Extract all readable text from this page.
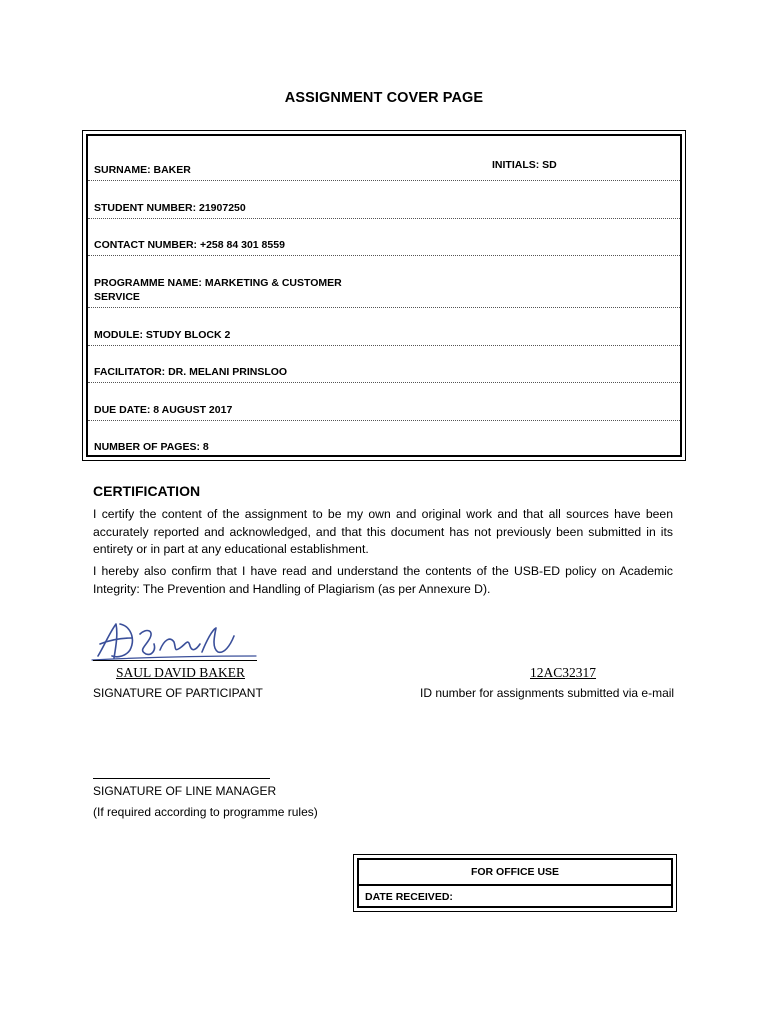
ASSIGNMENT COVER PAGE
SURNAME: BAKER	INITIALS: SD
STUDENT NUMBER: 21907250
CONTACT NUMBER: +258 84 301 8559
PROGRAMME NAME: MARKETING & CUSTOMER
SERVICE
MODULE: STUDY BLOCK 2
FACILITATOR: DR. MELANI PRINSLOO
DUE DATE: 8 AUGUST 2017
NUMBER OF PAGES: 8
CERTIFICATION
I certify the content of the assignment to be my own and original work and that all sources have been accurately reported and acknowledged, and that this document has not previously been submitted in its entirety or in part at any educational establishment.
I hereby also confirm that I have read and understand the contents of the USB-ED policy on Academic Integrity: The Prevention and Handling of Plagiarism (as per Annexure D).
SAUL DAVID BAKER	12AC32317
SIGNATURE OF PARTICIPANT	ID number for assignments submitted via e-mail
SIGNATURE OF LINE MANAGER
(If required according to programme rules)
FOR OFFICE USE
DATE RECEIVED:
